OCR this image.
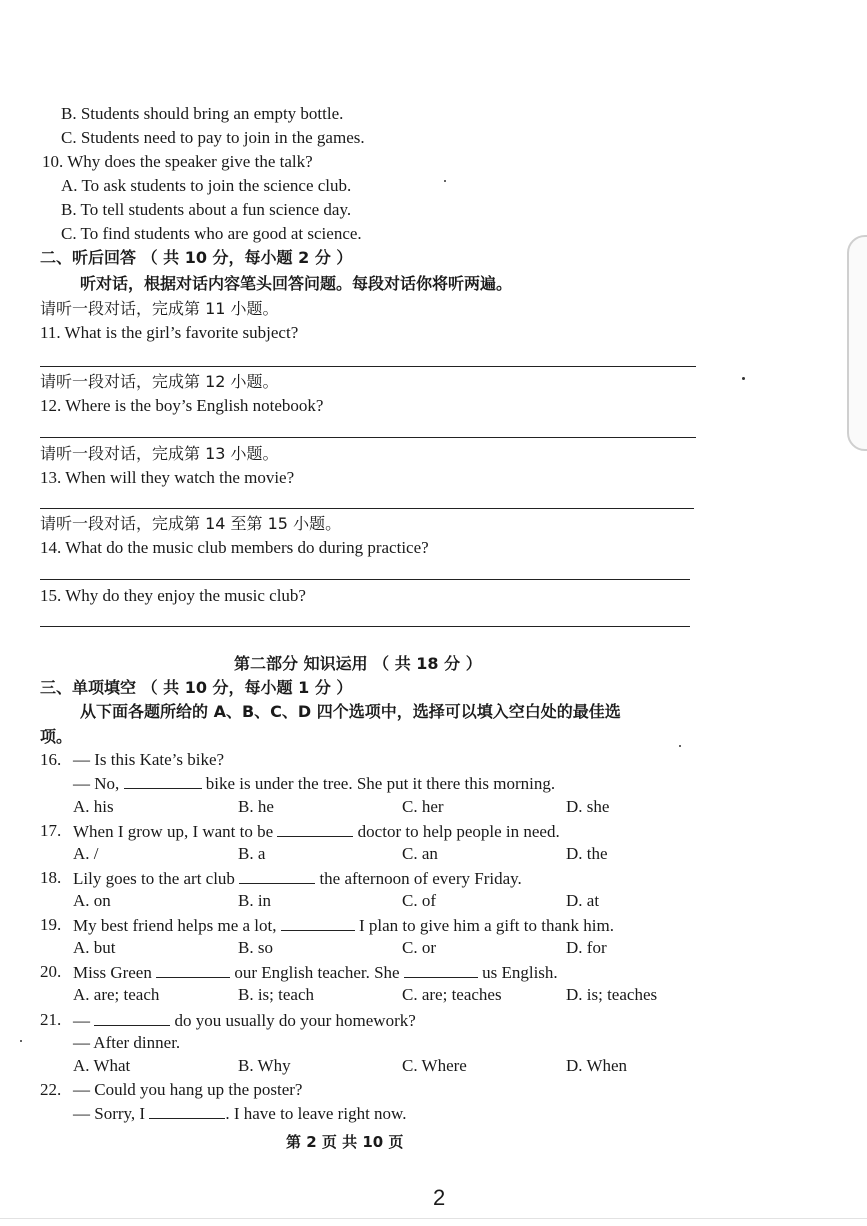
B. Students should bring an empty bottle.
C. Students need to pay to join in the games.
10. Why does the speaker give the talk?
A. To ask students to join the science club.
B. To tell students about a fun science day.
C. To find students who are good at science.
二、听后回答 （ 共 10 分，每小题 2 分 ）
听对话，根据对话内容笔头回答问题。每段对话你将听两遍。
请听一段对话，完成第 11 小题。
11. What is the girl’s favorite subject?
请听一段对话，完成第 12 小题。
12. Where is the boy’s English notebook?
请听一段对话，完成第 13 小题。
13. When will they watch the movie?
请听一段对话，完成第 14 至第 15 小题。
14. What do the music club members do during practice?
15. Why do they enjoy the music club?
第二部分 知识运用 （ 共 18 分 ）
三、单项填空 （ 共 10 分，每小题 1 分 ）
从下面各题所给的 A、B、C、D 四个选项中，选择可以填入空白处的最佳选
项。
16. — Is this Kate’s bike?
— No,	bike is under the tree. She put it there this morning.
A. his	B. he	C. her	D. she
17. When I grow up, I want to be	doctor to help people in need.
A. /	B. a	C. an	D. the
18. Lily goes to the art club	the afternoon of every Friday.
A. on	B. in	C. of	D. at
19. My best friend helps me a lot,	I plan to give him a gift to thank him.
A. but	B. so	C. or	D. for
20. Miss Green	our English teacher. She	us English.
A. are; teach	B. is; teach	C. are; teaches	D. is; teaches
21. —	do you usually do your homework?
— After dinner.
A. What	B. Why	C. Where	D. When
22. — Could you hang up the poster?
— Sorry, I	. I have to leave right now.
第 2 页 共 10 页
2
